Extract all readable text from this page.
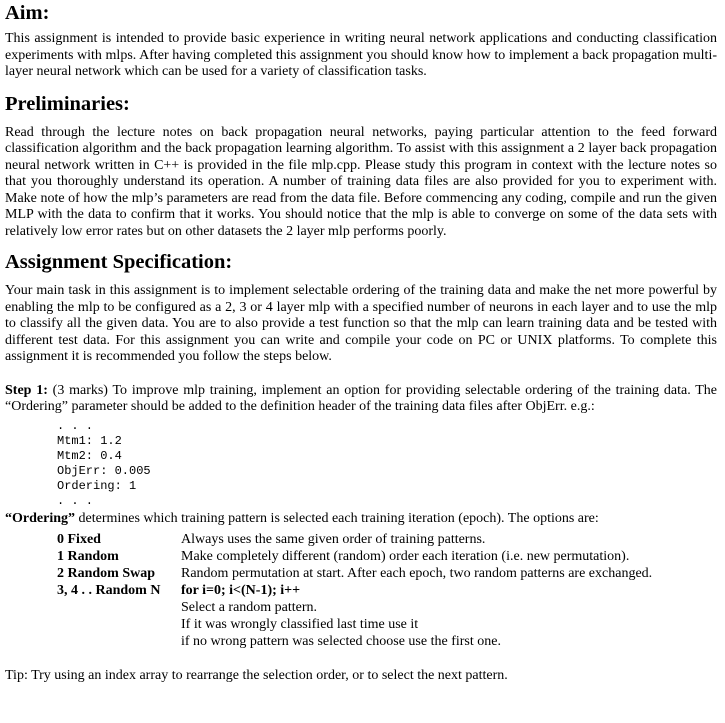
Aim:

This assignment is intended to provide basic experience in writing neural network applications and conducting classification experiments with mlps. After having completed this assignment you should know how to implement a back propagation multi-layer neural network which can be used for a variety of classification tasks.

Preliminaries:

Read through the lecture notes on back propagation neural networks, paying particular attention to the feed forward classification algorithm and the back propagation learning algorithm. To assist with this assignment a 2 layer back propagation neural network written in C++ is provided in the file mlp.cpp. Please study this program in context with the lecture notes so that you thoroughly understand its operation. A number of training data files are also provided for you to experiment with. Make note of how the mlp’s parameters are read from the data file. Before commencing any coding, compile and run the given MLP with the data to confirm that it works. You should notice that the mlp is able to converge on some of the data sets with relatively low error rates but on other datasets the 2 layer mlp performs poorly.

Assignment Specification:

Your main task in this assignment is to implement selectable ordering of the training data and make the net more powerful by enabling the mlp to be configured as a 2, 3 or 4 layer mlp with a specified number of neurons in each layer and to use the mlp to classify all the given data. You are to also provide a test function so that the mlp can learn training data and be tested with different test data. For this assignment you can write and compile your code on PC or UNIX platforms. To complete this assignment it is recommended you follow the steps below.

Step 1: (3 marks) To improve mlp training, implement an option for providing selectable ordering of the training data. The “Ordering” parameter should be added to the definition header of the training data files after ObjErr. e.g.:

. . .
Mtm1: 1.2
Mtm2: 0.4
ObjErr: 0.005
Ordering: 1
. . .

“Ordering” determines which training pattern is selected each training iteration (epoch). The options are:

0 Fixed	Always uses the same given order of training patterns.
1 Random	Make completely different (random) order each iteration (i.e. new permutation).
2 Random Swap	Random permutation at start. After each epoch, two random patterns are exchanged.
3, 4 . . Random N	for i=0; i<(N-1); i++
	Select a random pattern.
	If it was wrongly classified last time use it
	if no wrong pattern was selected choose use the first one.

Tip: Try using an index array to rearrange the selection order, or to select the next pattern.
